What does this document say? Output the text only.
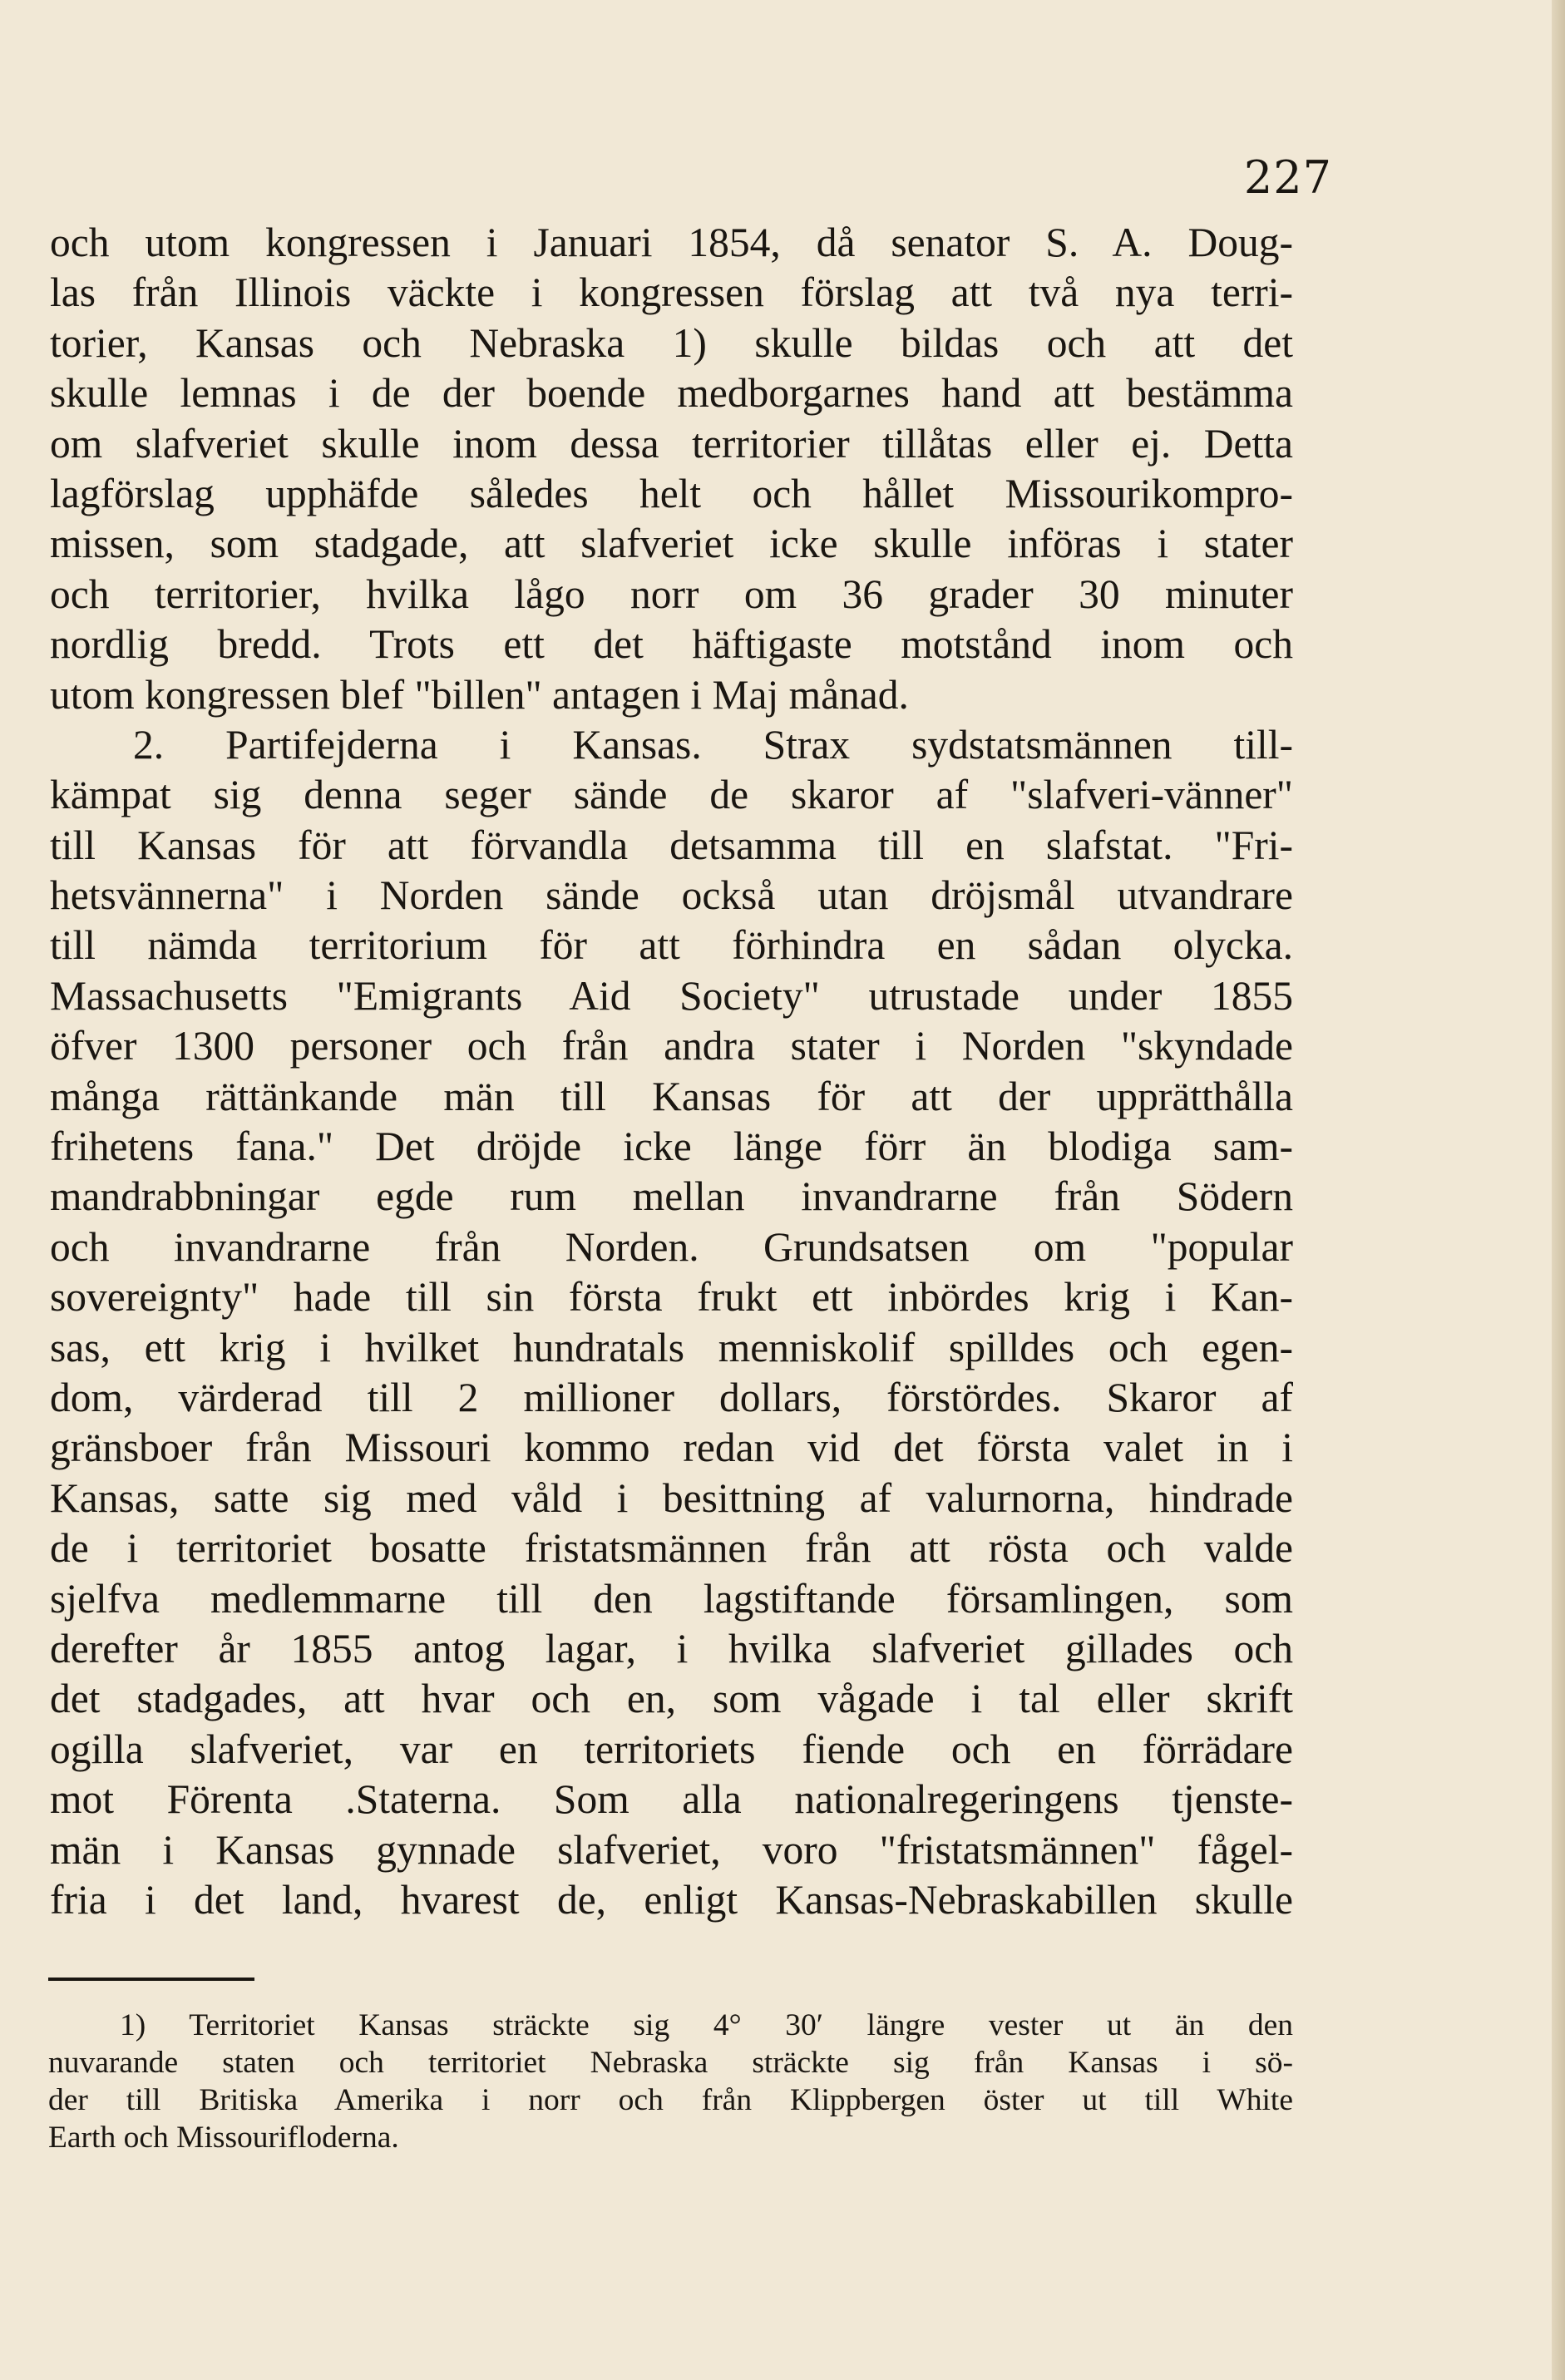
227
och utom kongressen i Januari 1854, då senator S. A. Doug-
las från Illinois väckte i kongressen förslag att två nya terri-
torier, Kansas och Nebraska 1) skulle bildas och att det
skulle lemnas i de der boende medborgarnes hand att bestämma
om slafveriet skulle inom dessa territorier tillåtas eller ej. Detta
lagförslag upphäfde således helt och hållet Missourikompro-
missen, som stadgade, att slafveriet icke skulle införas i stater
och territorier, hvilka lågo norr om 36 grader 30 minuter
nordlig bredd. Trots ett det häftigaste motstånd inom och
utom kongressen blef "billen" antagen i Maj månad.
2. Partifejderna i Kansas. Strax sydstatsmännen till-
kämpat sig denna seger sände de skaror af "slafveri-vänner"
till Kansas för att förvandla detsamma till en slafstat. "Fri-
hetsvännerna" i Norden sände också utan dröjsmål utvandrare
till nämda territorium för att förhindra en sådan olycka.
Massachusetts "Emigrants Aid Society" utrustade under 1855
öfver 1300 personer och från andra stater i Norden "skyndade
många rättänkande män till Kansas för att der upprätthålla
frihetens fana." Det dröjde icke länge förr än blodiga sam-
mandrabbningar egde rum mellan invandrarne från Södern
och invandrarne från Norden. Grundsatsen om "popular
sovereignty" hade till sin första frukt ett inbördes krig i Kan-
sas, ett krig i hvilket hundratals menniskolif spilldes och egen-
dom, värderad till 2 millioner dollars, förstördes. Skaror af
gränsboer från Missouri kommo redan vid det första valet in i
Kansas, satte sig med våld i besittning af valurnorna, hindrade
de i territoriet bosatte fristatsmännen från att rösta och valde
sjelfva medlemmarne till den lagstiftande församlingen, som
derefter år 1855 antog lagar, i hvilka slafveriet gillades och
det stadgades, att hvar och en, som vågade i tal eller skrift
ogilla slafveriet, var en territoriets fiende och en förrädare
mot Förenta .Staterna. Som alla nationalregeringens tjenste-
män i Kansas gynnade slafveriet, voro "fristatsmännen" fågel-
fria i det land, hvarest de, enligt Kansas-Nebraskabillen skulle
1) Territoriet Kansas sträckte sig 4° 30′ längre vester ut än den
nuvarande staten och territoriet Nebraska sträckte sig från Kansas i sö-
der till Britiska Amerika i norr och från Klippbergen öster ut till White
Earth och Missourifloderna.
